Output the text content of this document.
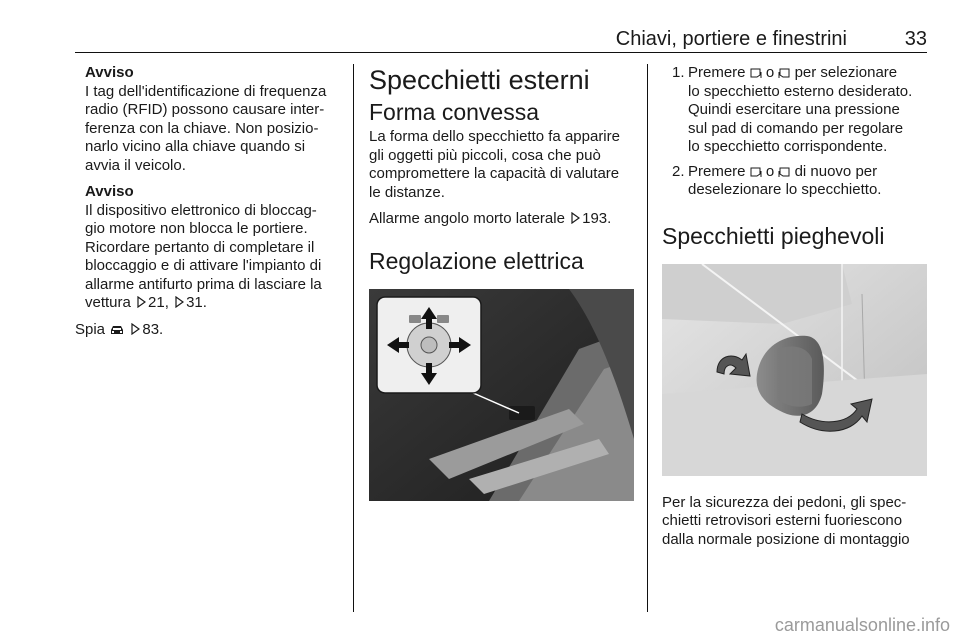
Chiavi, portiere e finestrini	33
Avviso
I tag dell'identificazione di frequenza
radio (RFID) possono causare inter-
ferenza con la chiave. Non posizio-
narlo vicino alla chiave quando si
avvia il veicolo.
Avviso
Il dispositivo elettronico di bloccag-
gio motore non blocca le portiere.
Ricordare pertanto di completare il
bloccaggio e di attivare l'impianto di
allarme antifurto prima di lasciare la
vettura 21, 31.
Spia 83.
Specchietti esterni
Forma convessa
La forma dello specchietto fa apparire
gli oggetti più piccoli, cosa che può
compromettere la capacità di valutare
le distanze.
Allarme angolo morto laterale 193.
Regolazione elettrica
1. Premere o per selezionare
lo specchietto esterno desiderato.
Quindi esercitare una pressione
sul pad di comando per regolare
lo specchietto corrispondente.
2. Premere o di nuovo per
deselezionare lo specchietto.
Specchietti pieghevoli
Per la sicurezza dei pedoni, gli spec-
chietti retrovisori esterni fuoriescono
dalla normale posizione di montaggio
carmanualsonline.info
